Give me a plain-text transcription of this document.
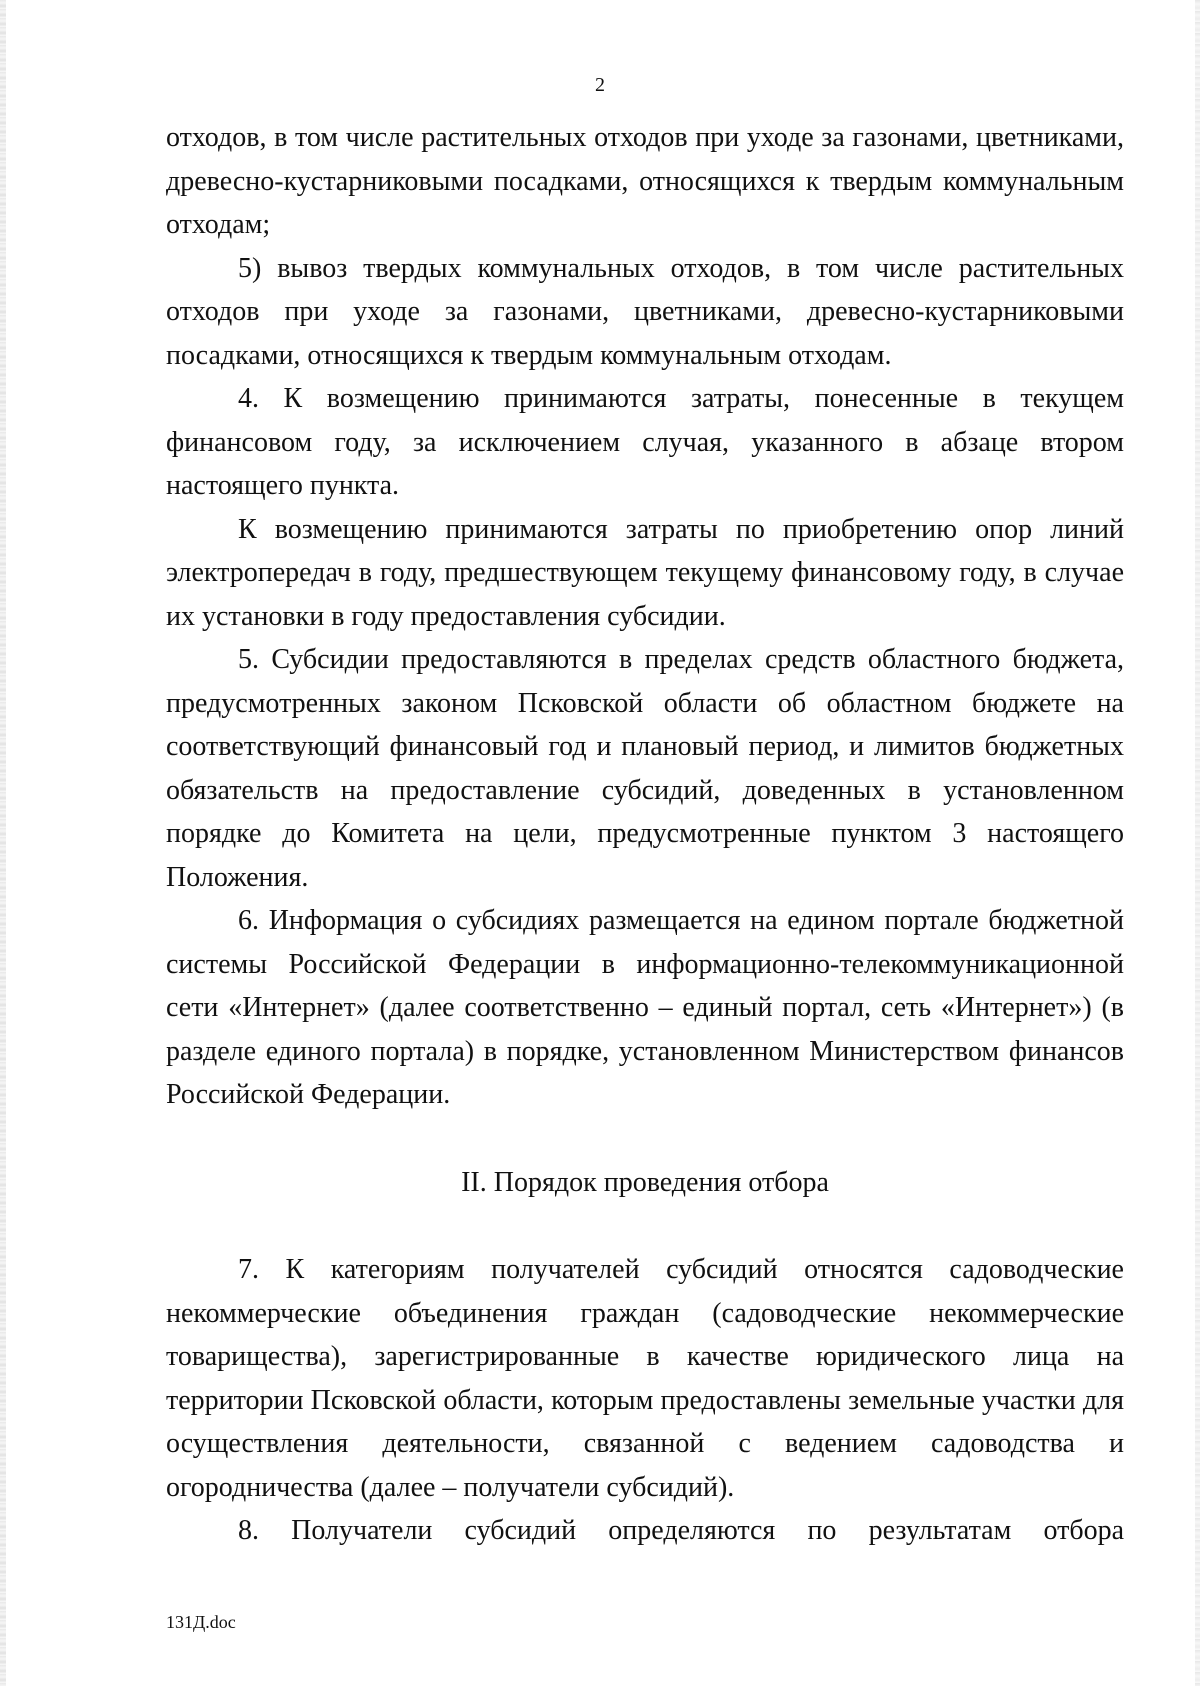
2

отходов, в том числе растительных отходов при уходе за газонами, цветниками, древесно-кустарниковыми посадками, относящихся к твердым коммунальным отходам;

5) вывоз твердых коммунальных отходов, в том числе растительных отходов при уходе за газонами, цветниками, древесно-кустарниковыми посадками, относящихся к твердым коммунальным отходам.

4. К возмещению принимаются затраты, понесенные в текущем финансовом году, за исключением случая, указанного в абзаце втором настоящего пункта.

К возмещению принимаются затраты по приобретению опор линий электропередач в году, предшествующем текущему финансовому году, в случае их установки в году предоставления субсидии.

5. Субсидии предоставляются в пределах средств областного бюджета, предусмотренных законом Псковской области об областном бюджете на соответствующий финансовый год и плановый период, и лимитов бюджетных обязательств на предоставление субсидий, доведенных в установленном порядке до Комитета на цели, предусмотренные пунктом 3 настоящего Положения.

6. Информация о субсидиях размещается на едином портале бюджетной системы Российской Федерации в информационно-телекоммуникационной сети «Интернет» (далее соответственно – единый портал, сеть «Интернет») (в разделе единого портала) в порядке, установленном Министерством финансов Российской Федерации.

II. Порядок проведения отбора

7. К категориям получателей субсидий относятся садоводческие некоммерческие объединения граждан (садоводческие некоммерческие товарищества), зарегистрированные в качестве юридического лица на территории Псковской области, которым предоставлены земельные участки для осуществления деятельности, связанной с ведением садоводства и огородничества (далее – получатели субсидий).

8. Получатели субсидий определяются по результатам отбора

131Д.doc
